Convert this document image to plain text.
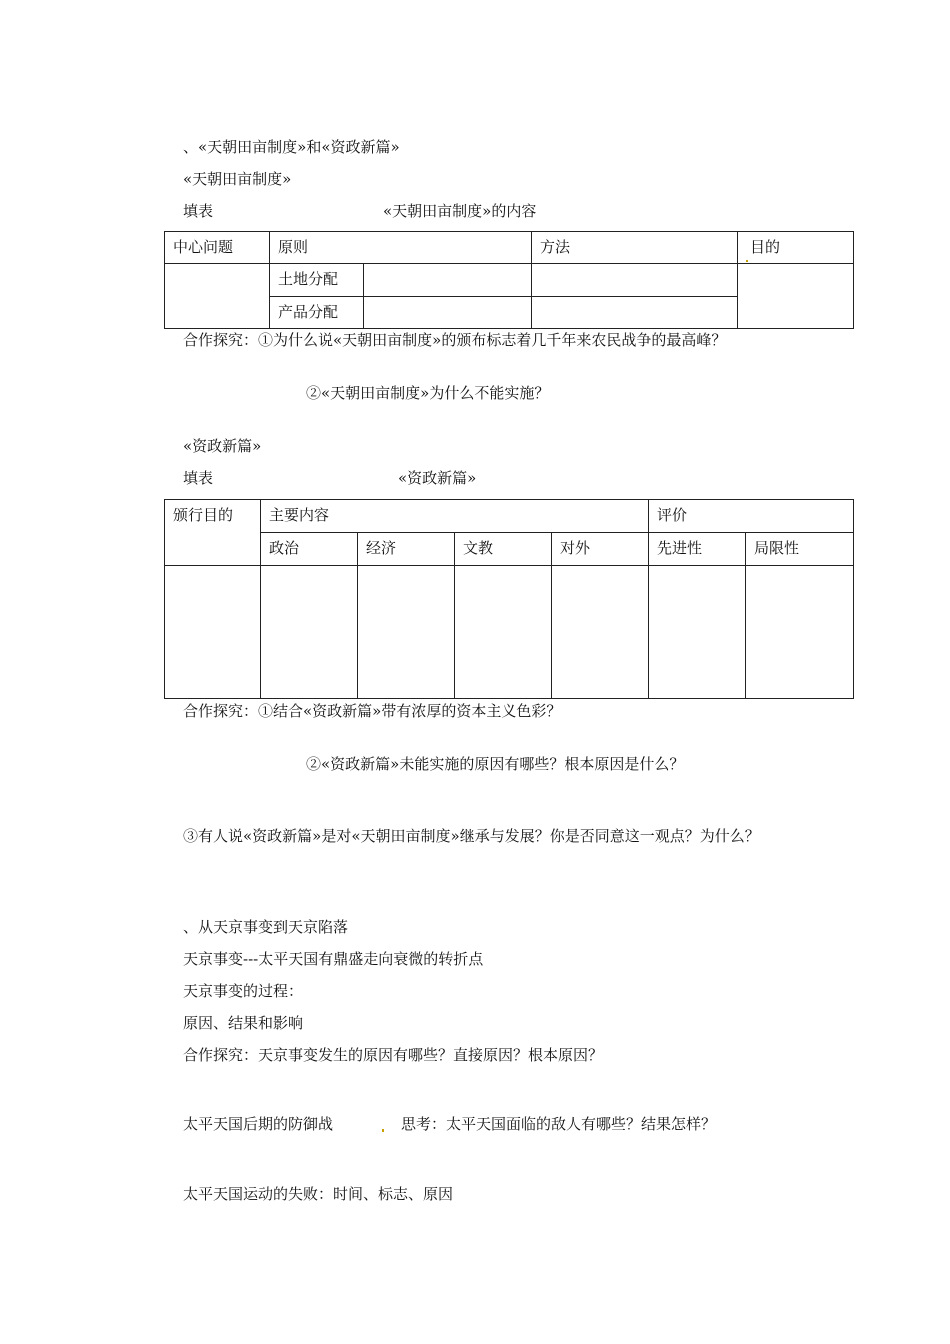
、«天朝田亩制度»和«资政新篇»
«天朝田亩制度»
填表	«天朝田亩制度»的内容
中心问题	原则		方法	目的
	土地分配			
	产品分配			
合作探究：①为什么说«天朝田亩制度»的颁布标志着几千年来农民战争的最高峰？
②«天朝田亩制度»为什么不能实施？
«资政新篇»
填表	«资政新篇»
颁行目的	主要内容				评价	
	政治	经济	文教	对外	先进性	局限性

合作探究：①结合«资政新篇»带有浓厚的资本主义色彩？
②«资政新篇»未能实施的原因有哪些？根本原因是什么？
③有人说«资政新篇»是对«天朝田亩制度»继承与发展？你是否同意这一观点？为什么？
、从天京事变到天京陷落
天京事变---太平天国有鼎盛走向衰微的转折点
天京事变的过程：
原因、结果和影响
合作探究：天京事变发生的原因有哪些？直接原因？根本原因？
太平天国后期的防御战	思考：太平天国面临的敌人有哪些？结果怎样？
太平天国运动的失败：时间、标志、原因
